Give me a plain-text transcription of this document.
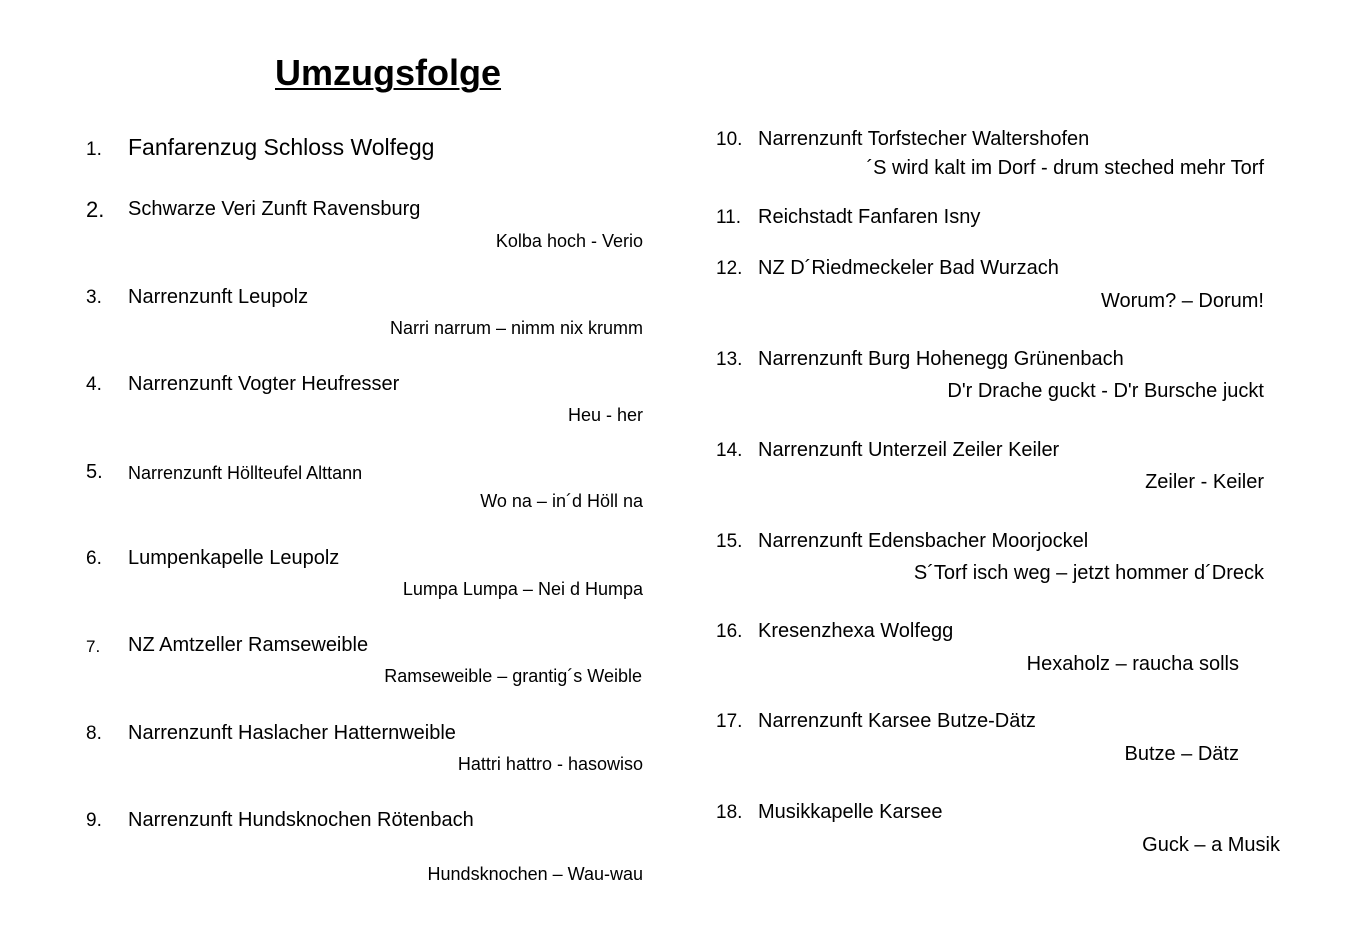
Umzugsfolge
1. Fanfarenzug Schloss Wolfegg
2. Schwarze Veri Zunft Ravensburg
Kolba hoch - Verio
3. Narrenzunft Leupolz
Narri narrum – nimm nix krumm
4. Narrenzunft Vogter Heufresser
Heu - her
5. Narrenzunft Höllteufel Alttann
Wo na – in´d Höll na
6. Lumpenkapelle Leupolz
Lumpa Lumpa – Nei d Humpa
7. NZ Amtzeller Ramseweible
Ramseweible – grantig´s Weible
8. Narrenzunft Haslacher Hatternweible
Hattri hattro - hasowiso
9. Narrenzunft Hundsknochen Rötenbach
Hundsknochen – Wau-wau
10. Narrenzunft Torfstecher Waltershofen
´S wird kalt im Dorf - drum steched mehr Torf
11. Reichstadt Fanfaren Isny
12. NZ D´Riedmeckeler Bad Wurzach
Worum? – Dorum!
13. Narrenzunft Burg Hohenegg Grünenbach
D'r Drache guckt - D'r Bursche juckt
14. Narrenzunft Unterzeil Zeiler Keiler
Zeiler - Keiler
15. Narrenzunft Edensbacher Moorjockel
S´Torf isch weg – jetzt hommer d´Dreck
16. Kresenzhexa Wolfegg
Hexaholz – raucha solls
17. Narrenzunft Karsee Butze-Dätz
Butze – Dätz
18. Musikkapelle Karsee
Guck – a Musik
